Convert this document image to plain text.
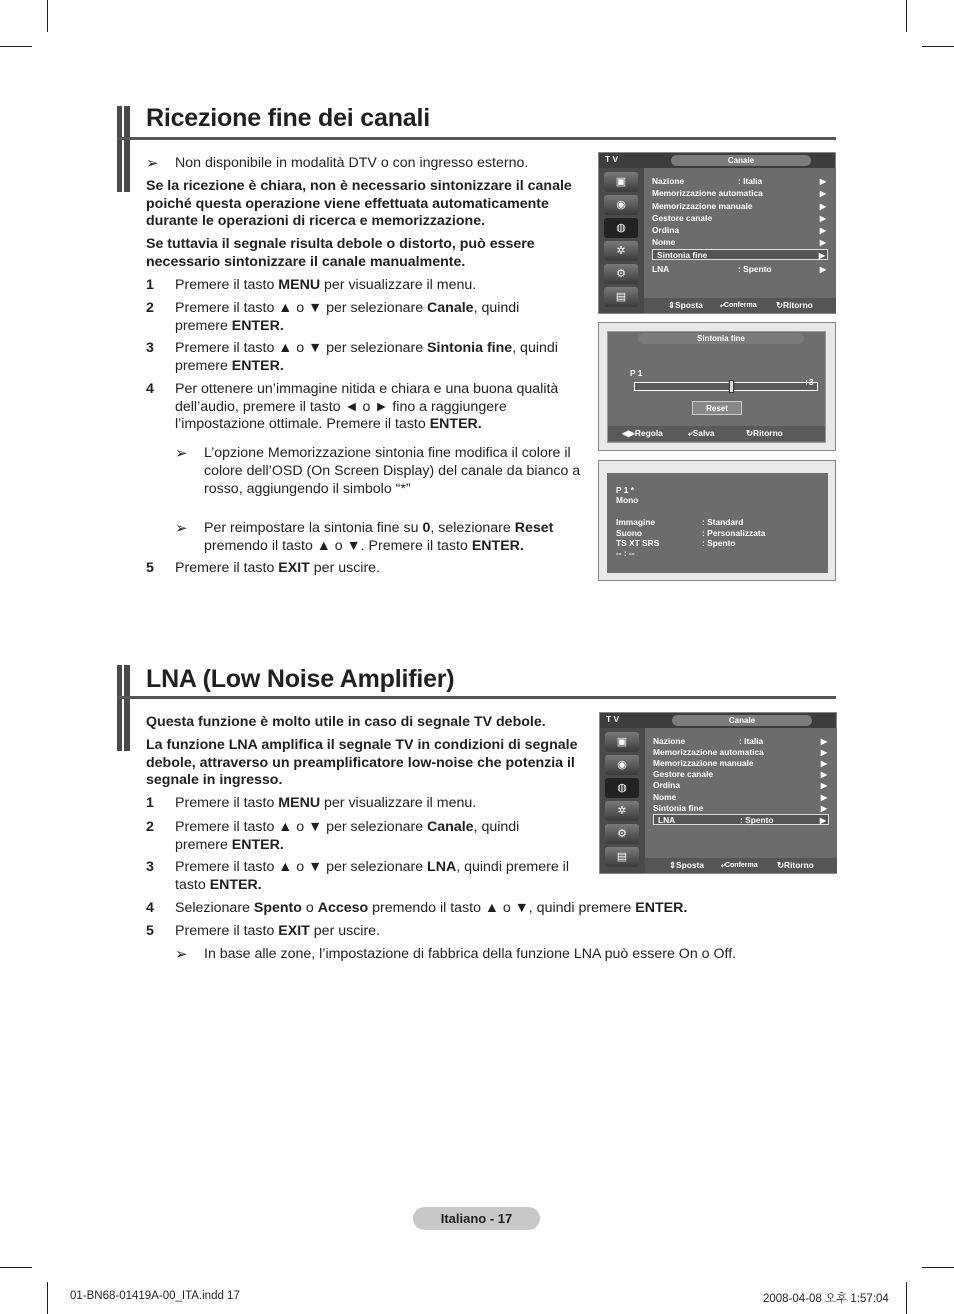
Ricezione fine dei canali
➢ Non disponibile in modalità DTV o con ingresso esterno.
Se la ricezione è chiara, non è necessario sintonizzare il canale poiché questa operazione viene effettuata automaticamente durante le operazioni di ricerca e memorizzazione.
Se tuttavia il segnale risulta debole o distorto, può essere necessario sintonizzare il canale manualmente.
1 Premere il tasto MENU per visualizzare il menu.
2 Premere il tasto ▲ o ▼ per selezionare Canale, quindi premere ENTER.
3 Premere il tasto ▲ o ▼ per selezionare Sintonia fine, quindi premere ENTER.
4 Per ottenere un’immagine nitida e chiara e una buona qualità dell’audio, premere il tasto ◄ o ► fino a raggiungere l’impostazione ottimale. Premere il tasto ENTER.
➢ L’opzione Memorizzazione sintonia fine modifica il colore il colore dell’OSD (On Screen Display) del canale da bianco a rosso, aggiungendo il simbolo “*”
➢ Per reimpostare la sintonia fine su 0, selezionare Reset
premendo il tasto ▲ o ▼. Premere il tasto ENTER.
5 Premere il tasto EXIT per uscire.
T V	Canale
▣
◉
◍
✲
⚙
▤
Nazione	: Italia	▶
Memorizzazione automatica	▶
Memorizzazione manuale	▶
Gestore canale	▶
Ordina	▶
Nome	▶
Sintonia fine	▶
LNA	: Spento	▶
⇕ Sposta ⤶ Conferma ↻ Ritorno
Sintonia fine
P 1
+3
Reset
◀▶ Regola	⤶ Salva	↻ Ritorno
P 1 *
Mono
Immagine	: Standard
Suono	: Personalizzata
TS XT SRS	: Spento
-- : --
LNA (Low Noise Amplifier)
Questa funzione è molto utile in caso di segnale TV debole.
La funzione LNA amplifica il segnale TV in condizioni di segnale debole, attraverso un preamplificatore low-noise che potenzia il segnale in ingresso.
1 Premere il tasto MENU per visualizzare il menu.
2 Premere il tasto ▲ o ▼ per selezionare Canale, quindi premere ENTER.
3 Premere il tasto ▲ o ▼ per selezionare LNA, quindi premere il tasto ENTER.
4 Selezionare Spento o Acceso premendo il tasto ▲ o ▼, quindi premere ENTER.
5 Premere il tasto EXIT per uscire.
➢ In base alle zone, l’impostazione di fabbrica della funzione LNA può essere On o Off.
T V	Canale
▣
◉
◍
✲
⚙
▤
Nazione	: Italia	▶
Memorizzazione automatica	▶
Memorizzazione manuale	▶
Gestore canale	▶
Ordina	▶
Nome	▶
Sintonia fine	▶
LNA	: Spento	▶
⇕ Sposta ⤶ Conferma ↻ Ritorno
Italiano - 17
01-BN68-01419A-00_ITA.indd 17	2008-04-08 오후 1:57:04
